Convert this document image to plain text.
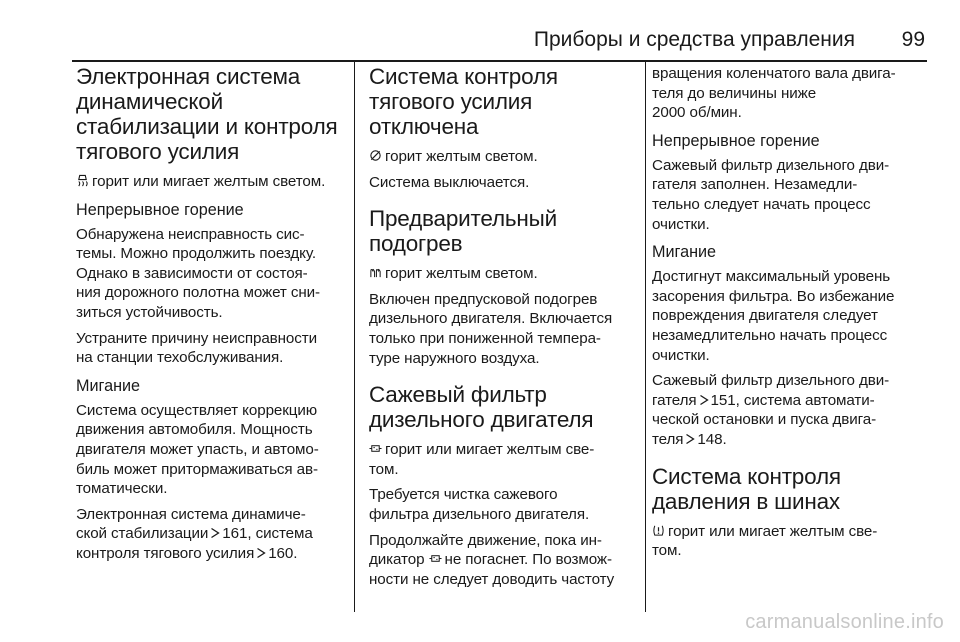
Приборы и средства управления 99
Электронная система
динамической
стабилизации и контроля
тягового усилия

горит или мигает желтым светом.

Непрерывное горение

Обнаружена неисправность сис-
темы. Можно продолжить поездку.
Однако в зависимости от состоя-
ния дорожного полотна может сни-
зиться устойчивость.

Устраните причину неисправности
на станции техобслуживания.

Мигание

Система осуществляет коррекцию
движения автомобиля. Мощность
двигателя может упасть, и автомо-
биль может притормаживаться ав-
томатически.

Электронная система динамиче-
ской стабилизации 161, система
контроля тягового усилия 160.

Система контроля
тягового усилия
отключена

горит желтым светом.

Система выключается.

Предварительный
подогрев

горит желтым светом.

Включен предпусковой подогрев
дизельного двигателя. Включается
только при пониженной темпера-
туре наружного воздуха.

Сажевый фильтр
дизельного двигателя

горит или мигает желтым све-
том.

Требуется чистка сажевого
фильтра дизельного двигателя.

Продолжайте движение, пока ин-
дикатор не погаснет. По возмож-
ности не следует доводить частоту

вращения коленчатого вала двига-
теля до величины ниже
2000 об/мин.

Непрерывное горение

Сажевый фильтр дизельного дви-
гателя заполнен. Незамедли-
тельно следует начать процесс
очистки.

Мигание

Достигнут максимальный уровень
засорения фильтра. Во избежание
повреждения двигателя следует
незамедлительно начать процесс
очистки.

Сажевый фильтр дизельного дви-
гателя 151, система автомати-
ческой остановки и пуска двига-
теля 148.

Система контроля
давления в шинах

горит или мигает желтым све-
том.

carmanualsonline.info
